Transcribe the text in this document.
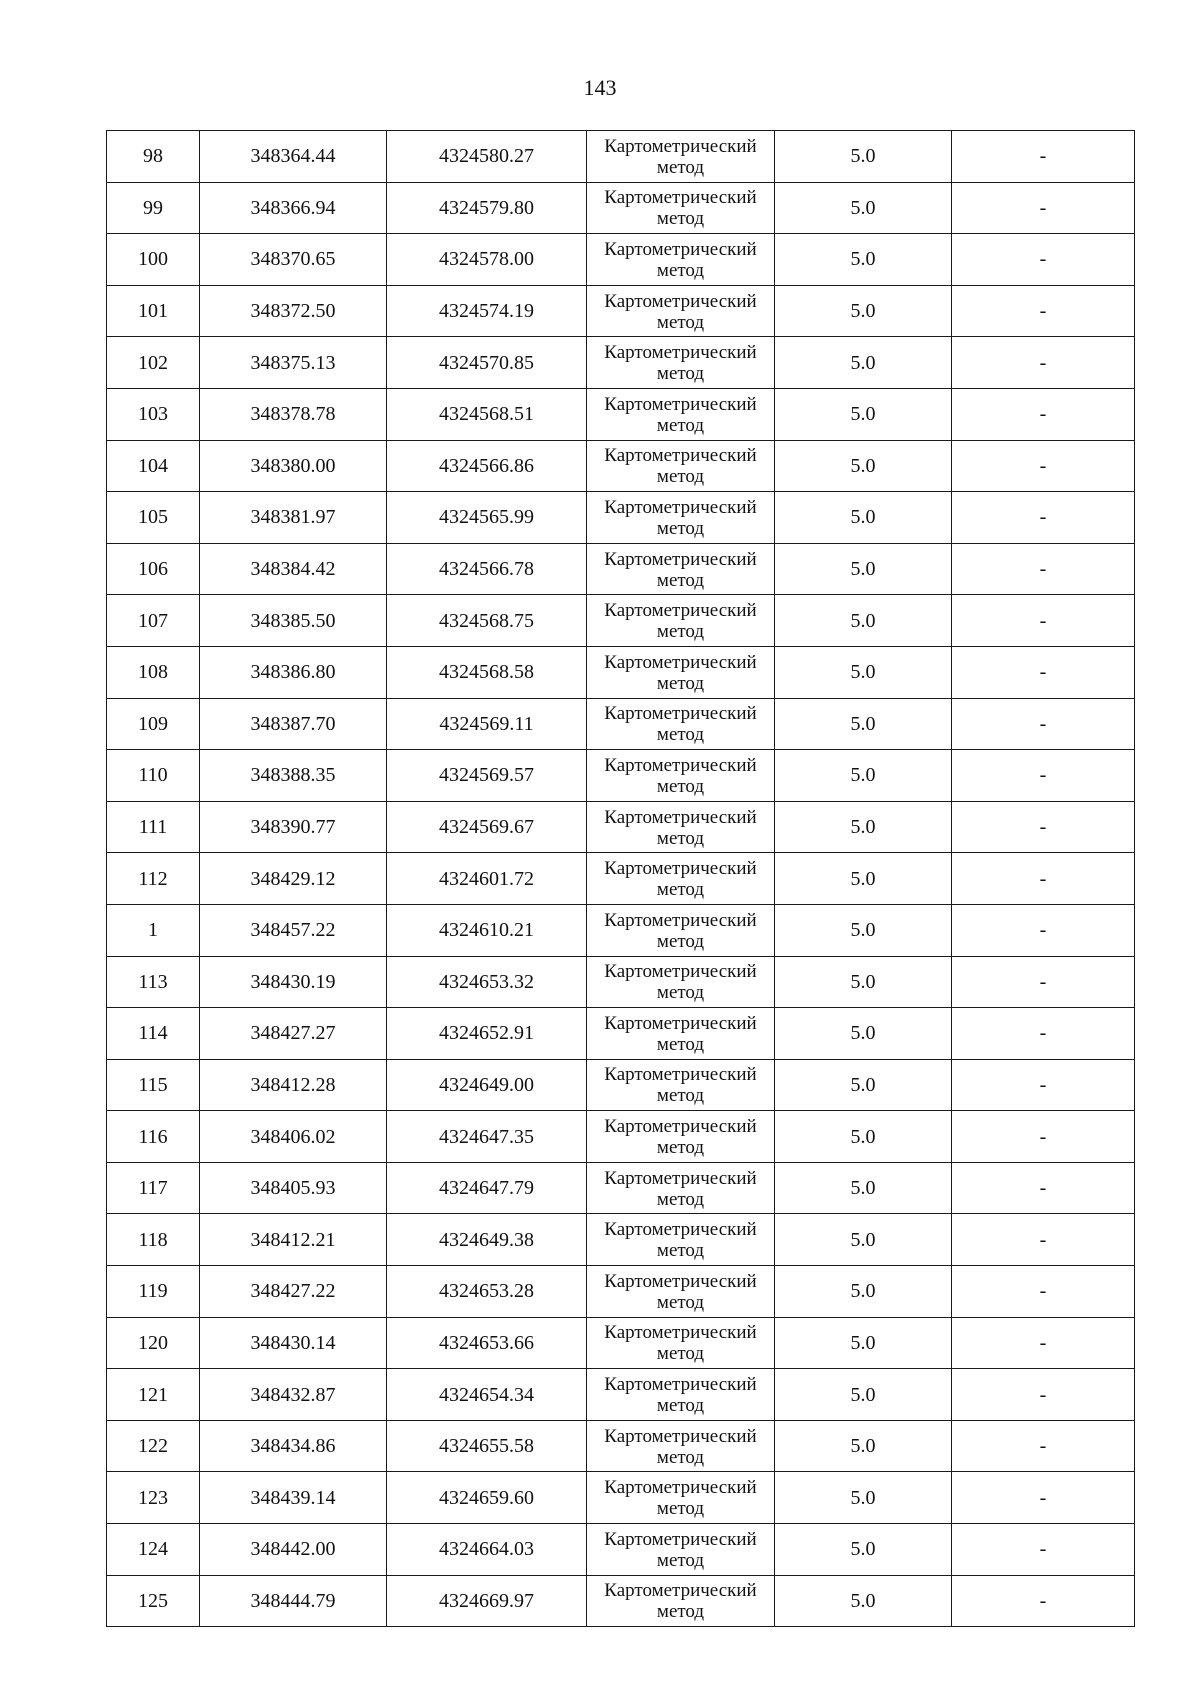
143
98	348364.44	4324580.27	Картометрический метод	5.0	-
99	348366.94	4324579.80	Картометрический метод	5.0	-
100	348370.65	4324578.00	Картометрический метод	5.0	-
101	348372.50	4324574.19	Картометрический метод	5.0	-
102	348375.13	4324570.85	Картометрический метод	5.0	-
103	348378.78	4324568.51	Картометрический метод	5.0	-
104	348380.00	4324566.86	Картометрический метод	5.0	-
105	348381.97	4324565.99	Картометрический метод	5.0	-
106	348384.42	4324566.78	Картометрический метод	5.0	-
107	348385.50	4324568.75	Картометрический метод	5.0	-
108	348386.80	4324568.58	Картометрический метод	5.0	-
109	348387.70	4324569.11	Картометрический метод	5.0	-
110	348388.35	4324569.57	Картометрический метод	5.0	-
111	348390.77	4324569.67	Картометрический метод	5.0	-
112	348429.12	4324601.72	Картометрический метод	5.0	-
1	348457.22	4324610.21	Картометрический метод	5.0	-
113	348430.19	4324653.32	Картометрический метод	5.0	-
114	348427.27	4324652.91	Картометрический метод	5.0	-
115	348412.28	4324649.00	Картометрический метод	5.0	-
116	348406.02	4324647.35	Картометрический метод	5.0	-
117	348405.93	4324647.79	Картометрический метод	5.0	-
118	348412.21	4324649.38	Картометрический метод	5.0	-
119	348427.22	4324653.28	Картометрический метод	5.0	-
120	348430.14	4324653.66	Картометрический метод	5.0	-
121	348432.87	4324654.34	Картометрический метод	5.0	-
122	348434.86	4324655.58	Картометрический метод	5.0	-
123	348439.14	4324659.60	Картометрический метод	5.0	-
124	348442.00	4324664.03	Картометрический метод	5.0	-
125	348444.79	4324669.97	Картометрический метод	5.0	-
